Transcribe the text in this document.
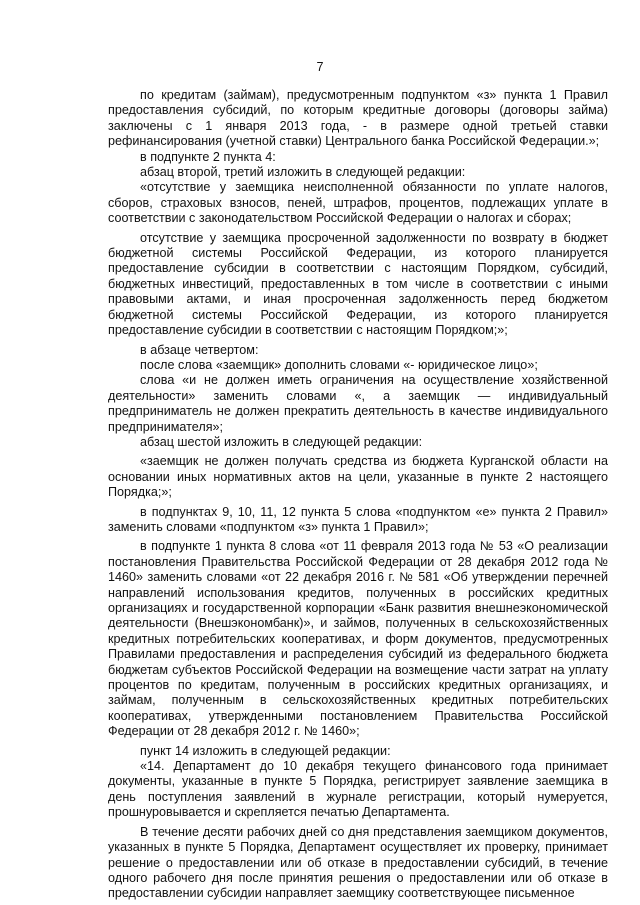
7

по кредитам (займам), предусмотренным подпунктом «з» пункта 1 Правил предоставления субсидий, по которым кредитные договоры (договоры займа) заключены с 1 января 2013 года, - в размере одной третьей ставки рефинансирования (учетной ставки) Центрального банка Российской Федерации.»;

в подпункте 2 пункта 4:

абзац второй, третий изложить в следующей редакции:

«отсутствие у заемщика неисполненной обязанности по уплате налогов, сборов, страховых взносов, пеней, штрафов, процентов, подлежащих уплате в соответствии с законодательством Российской Федерации о налогах и сборах;

отсутствие у заемщика просроченной задолженности по возврату в бюджет бюджетной системы Российской Федерации, из которого планируется предоставление субсидии в соответствии с настоящим Порядком, субсидий, бюджетных инвестиций, предоставленных в том числе в соответствии с иными правовыми актами, и иная просроченная задолженность перед бюджетом бюджетной системы Российской Федерации, из которого планируется предоставление субсидии в соответствии с настоящим Порядком;»;

в абзаце четвертом:

после слова «заемщик» дополнить словами «- юридическое лицо»;

слова «и не должен иметь ограничения на осуществление хозяйственной деятельности» заменить словами «, а заемщик — индивидуальный предприниматель не должен прекратить деятельность в качестве индивидуального предпринимателя»;

абзац шестой изложить в следующей редакции:

«заемщик не должен получать средства из бюджета Курганской области на основании иных нормативных актов на цели, указанные в пункте 2 настоящего Порядка;»;

в подпунктах 9, 10, 11, 12 пункта 5 слова «подпунктом «е» пункта 2 Правил» заменить словами «подпунктом «з» пункта 1 Правил»;

в подпункте 1 пункта 8 слова «от 11 февраля 2013 года № 53 «О реализации постановления Правительства Российской Федерации от 28 декабря 2012 года № 1460» заменить словами «от 22 декабря 2016 г. № 581 «Об утверждении перечней направлений использования кредитов, полученных в российских кредитных организациях и государственной корпорации «Банк развития внешнеэкономической деятельности (Внешэкономбанк)», и займов, полученных в сельскохозяйственных кредитных потребительских кооперативах, и форм документов, предусмотренных Правилами предоставления и распределения субсидий из федерального бюджета бюджетам субъектов Российской Федерации на возмещение части затрат на уплату процентов по кредитам, полученным в российских кредитных организациях, и займам, полученным в сельскохозяйственных кредитных потребительских кооперативах, утвержденными постановлением Правительства Российской Федерации от 28 декабря 2012 г. № 1460»;

пункт 14 изложить в следующей редакции:

«14. Департамент до 10 декабря текущего финансового года принимает документы, указанные в пункте 5 Порядка, регистрирует заявление заемщика в день поступления заявлений в журнале регистрации, который нумеруется, прошнуровывается и скрепляется печатью Департамента.

В течение десяти рабочих дней со дня представления заемщиком документов, указанных в пункте 5 Порядка, Департамент осуществляет их проверку, принимает решение о предоставлении или об отказе в предоставлении субсидий, в течение одного рабочего дня после принятия решения о предоставлении или об отказе в предоставлении субсидии направляет заемщику соответствующее письменное
